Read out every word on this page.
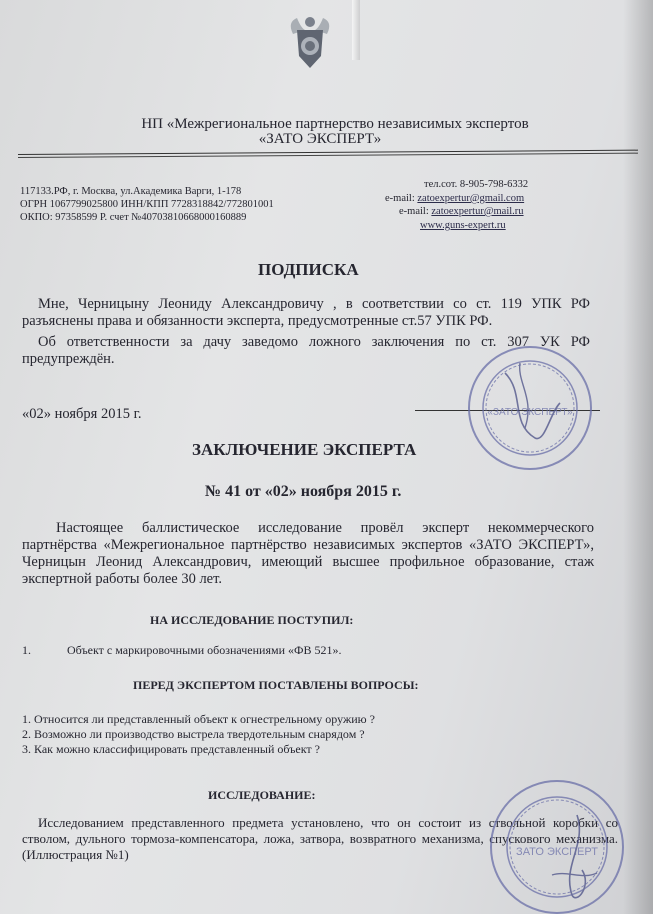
НП «Межрегиональное партнерство независимых экспертов
«ЗАТО ЭКСПЕРТ»
117133.РФ, г. Москва, ул.Академика Варги, 1-178
ОГРН 1067799025800 ИНН/КПП 7728318842/772801001
ОКПО: 97358599 Р. счет №40703810668000160889
тел.сот. 8-905-798-6332
e-mail: zatoexpertur@gmail.com
e-mail: zatoexpertur@mail.ru
www.guns-expert.ru
ПОДПИСКА
Мне, Черницыну Леониду Александровичу , в соответствии со ст. 119 УПК РФ разъяснены права и обязанности эксперта, предусмотренные ст.57 УПК РФ.
Об ответственности за дачу заведомо ложного заключения по ст. 307 УК РФ предупреждён.
«02» ноября 2015 г.
ЗАКЛЮЧЕНИЕ ЭКСПЕРТА
№ 41 от «02» ноября 2015 г.
Настоящее баллистическое исследование провёл эксперт некоммерческого партнёрства «Межрегиональное партнёрство независимых экспертов «ЗАТО ЭКСПЕРТ», Черницын Леонид Александрович, имеющий высшее профильное образование, стаж экспертной работы более 30 лет.
НА ИССЛЕДОВАНИЕ ПОСТУПИЛ:
1.	Объект с маркировочными обозначениями «ФВ 521».
ПЕРЕД ЭКСПЕРТОМ ПОСТАВЛЕНЫ ВОПРОСЫ:
1. Относится ли представленный объект к огнестрельному оружию ?
2. Возможно ли производство выстрела твердотельным снарядом ?
3. Как можно классифицировать представленный объект ?
ИССЛЕДОВАНИЕ:
Исследованием представленного предмета установлено, что он состоит из ствольной коробки со стволом, дульного тормоза-компенсатора, ложа, затвора, возвратного механизма, спускового механизма.(Иллюстрация №1)
«ЗАТО ЭКСПЕРТ»
ЗАТО ЭКСПЕРТ
